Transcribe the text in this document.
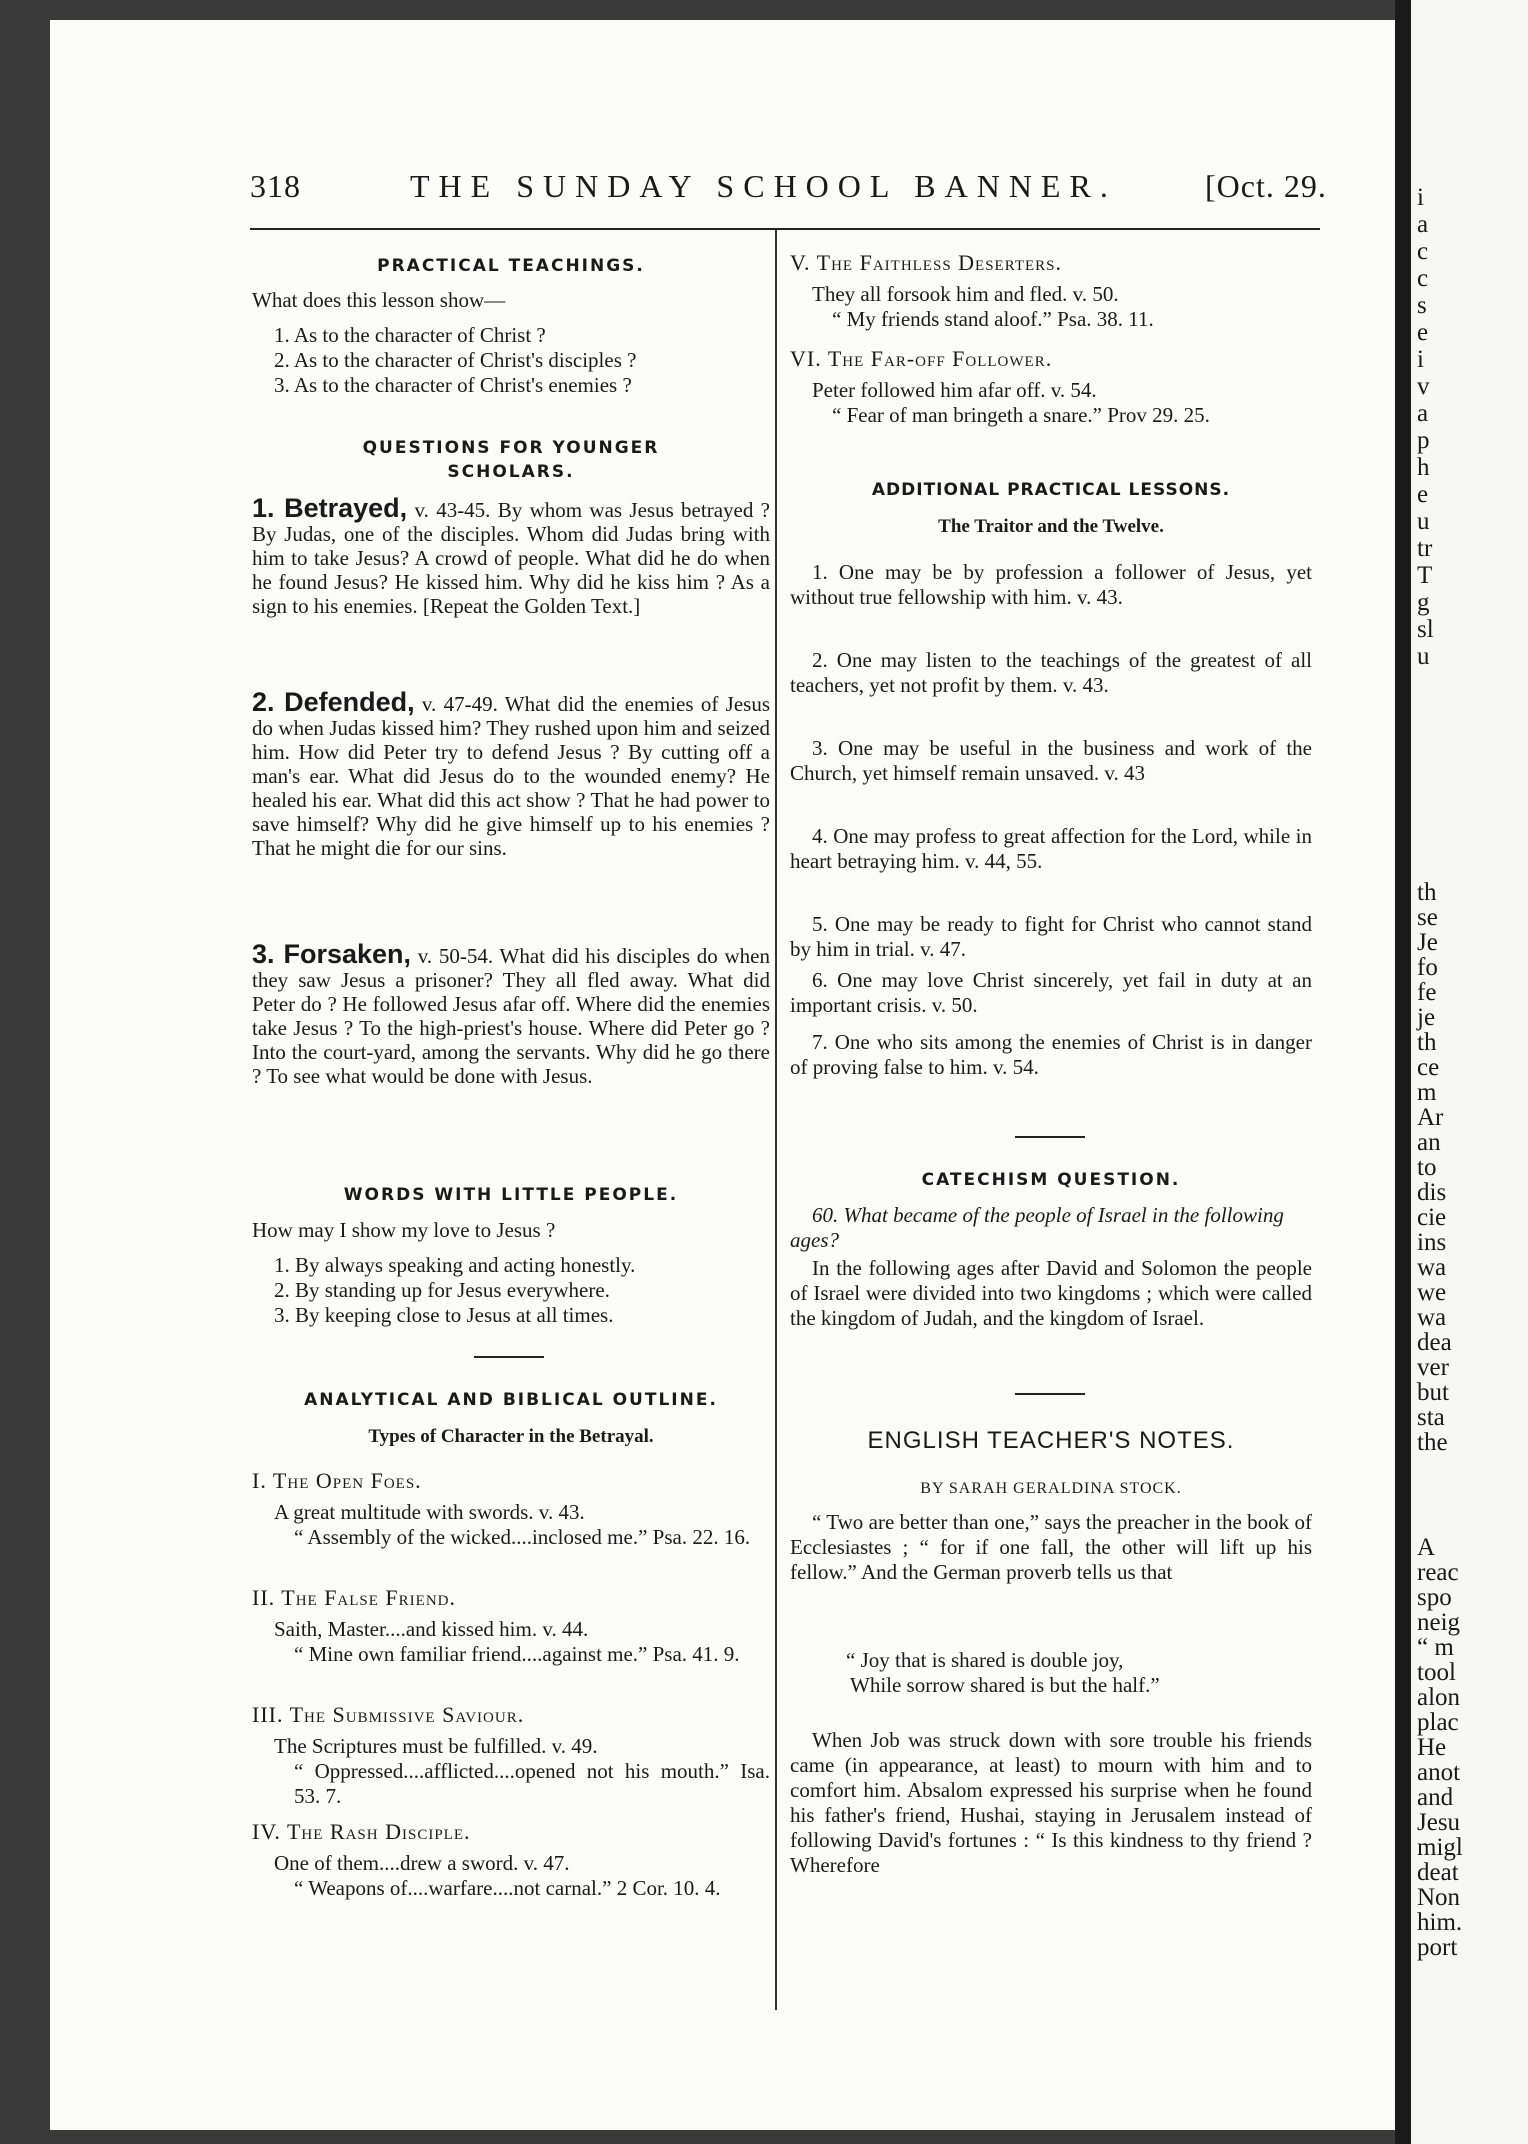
i
a
c
c
s
e
i
v
a
p
h
e
u
tr
T
g
sl
u
th
se
Je
fo
fe
je
th
ce
m
Ar
an
to
dis
cie
ins
wa
we
wa
dea
ver
but
sta
the
A
reac
spo
neig
“ m
tool
alon
plac
He
anot
and
Jesu
migl
deat
Non
him.
port
318	THE SUNDAY SCHOOL BANNER.	[Oct. 29.
PRACTICAL TEACHINGS.
What does this lesson show—
1. As to the character of Christ ?
2. As to the character of Christ's disciples ?
3. As to the character of Christ's enemies ?
QUESTIONS FOR YOUNGER
SCHOLARS.
1. Betrayed, v. 43-45. By whom was Jesus betrayed ? By Judas, one of the disciples. Whom did Judas bring with him to take Jesus? A crowd of people. What did he do when he found Jesus? He kissed him. Why did he kiss him ? As a sign to his enemies. [Repeat the Golden Text.]
2. Defended, v. 47-49. What did the enemies of Jesus do when Judas kissed him? They rushed upon him and seized him. How did Peter try to defend Jesus ? By cutting off a man's ear. What did Jesus do to the wounded enemy? He healed his ear. What did this act show ? That he had power to save himself? Why did he give himself up to his enemies ? That he might die for our sins.
3. Forsaken, v. 50-54. What did his disciples do when they saw Jesus a prisoner? They all fled away. What did Peter do ? He followed Jesus afar off. Where did the enemies take Jesus ? To the high-priest's house. Where did Peter go ? Into the court-yard, among the servants. Why did he go there ? To see what would be done with Jesus.
WORDS WITH LITTLE PEOPLE.
How may I show my love to Jesus ?
1. By always speaking and acting honestly.
2. By standing up for Jesus everywhere.
3. By keeping close to Jesus at all times.
ANALYTICAL AND BIBLICAL OUTLINE.
Types of Character in the Betrayal.
I. The Open Foes.
A great multitude with swords. v. 43.
“ Assembly of the wicked....inclosed me.” Psa. 22. 16.
II. The False Friend.
Saith, Master....and kissed him. v. 44.
“ Mine own familiar friend....against me.” Psa. 41. 9.
III. The Submissive Saviour.
The Scriptures must be fulfilled. v. 49.
“ Oppressed....afflicted....opened not his mouth.” Isa. 53. 7.
IV. The Rash Disciple.
One of them....drew a sword. v. 47.
“ Weapons of....warfare....not carnal.” 2 Cor. 10. 4.
V. The Faithless Deserters.
They all forsook him and fled. v. 50.
“ My friends stand aloof.” Psa. 38. 11.
VI. The Far-off Follower.
Peter followed him afar off. v. 54.
“ Fear of man bringeth a snare.” Prov 29. 25.
ADDITIONAL PRACTICAL LESSONS.
The Traitor and the Twelve.
1. One may be by profession a follower of Jesus, yet without true fellowship with him. v. 43.
2. One may listen to the teachings of the greatest of all teachers, yet not profit by them. v. 43.
3. One may be useful in the business and work of the Church, yet himself remain unsaved. v. 43
4. One may profess to great affection for the Lord, while in heart betraying him. v. 44, 55.
5. One may be ready to fight for Christ who cannot stand by him in trial. v. 47.
6. One may love Christ sincerely, yet fail in duty at an important crisis. v. 50.
7. One who sits among the enemies of Christ is in danger of proving false to him. v. 54.
CATECHISM QUESTION.
60. What became of the people of Israel in the following ages?
In the following ages after David and Solomon the people of Israel were divided into two kingdoms ; which were called the kingdom of Judah, and the kingdom of Israel.
ENGLISH TEACHER'S NOTES.
BY SARAH GERALDINA STOCK.
“ Two are better than one,” says the preacher in the book of Ecclesiastes ; “ for if one fall, the other will lift up his fellow.” And the German proverb tells us that
“ Joy that is shared is double joy,
While sorrow shared is but the half.”
When Job was struck down with sore trouble his friends came (in appearance, at least) to mourn with him and to comfort him. Absalom expressed his surprise when he found his father's friend, Hushai, staying in Jerusalem instead of following David's fortunes : “ Is this kindness to thy friend ? Wherefore
